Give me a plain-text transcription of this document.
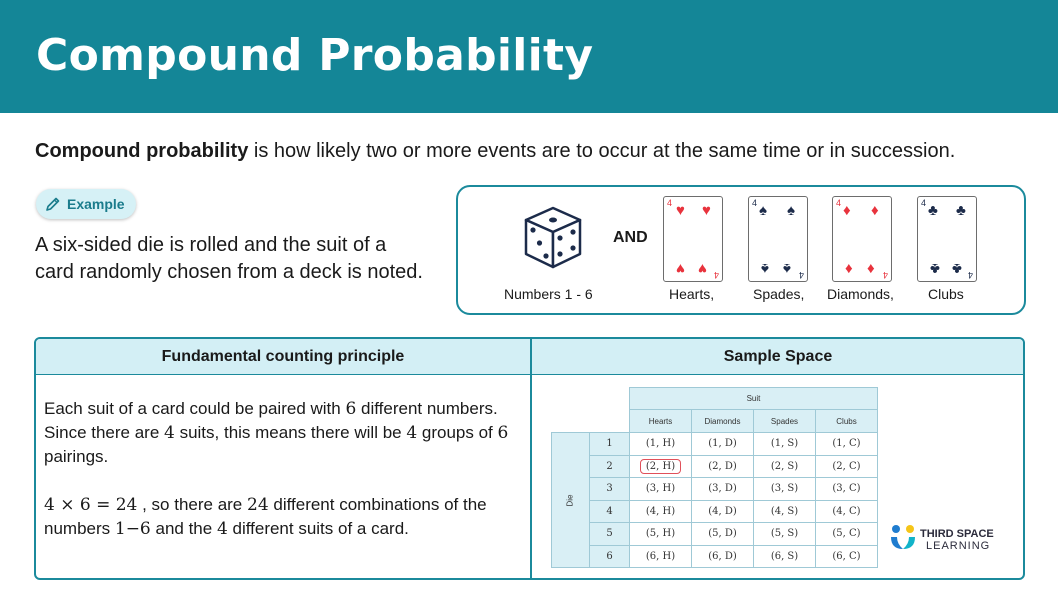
Compound Probability
Compound probability is how likely two or more events are to occur at the same time or in succession.
Example
A six-sided die is rolled and the suit of a card randomly chosen from a deck is noted.
AND
Numbers 1 - 6
4 ♥ ♥
♥ ♥ 4
Hearts,
4 ♠ ♠
♠ ♠ 4
Spades,
4 ♦ ♦
♦ ♦ 4
Diamonds,
4 ♣ ♣
♣ ♣ 4
Clubs
Fundamental counting principle	Sample Space

Each suit of a card could be paired with 6 different numbers.
Since there are 4 suits, this means there will be 4 groups of 6 pairings.

4 × 6 = 24 , so there are 24 different combinations of the numbers 1−6 and the 4 different suits of a card.

		Suit			
		Hearts	Diamonds	Spades	Clubs
Die	1	(1, H)	(1, D)	(1, S)	(1, C)
	2	(2, H)	(2, D)	(2, S)	(2, C)
	3	(3, H)	(3, D)	(3, S)	(3, C)
	4	(4, H)	(4, D)	(4, S)	(4, C)
	5	(5, H)	(5, D)	(5, S)	(5, C)
	6	(6, H)	(6, D)	(6, S)	(6, C)
THIRD SPACE
LEARNING
